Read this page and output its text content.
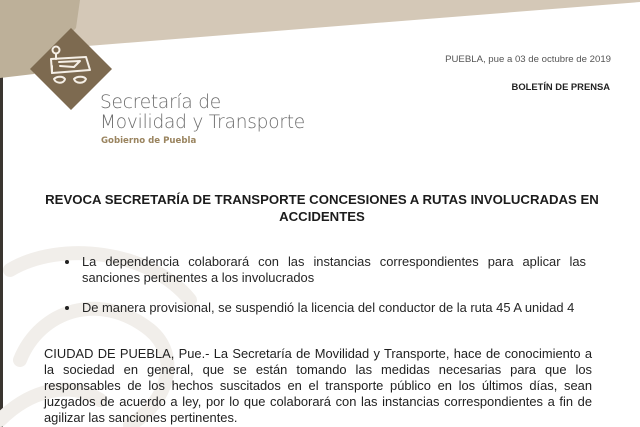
Secretaría de
Movilidad y Transporte
Gobierno de Puebla
PUEBLA, pue a 03 de octubre de 2019
BOLETÍN DE PRENSA
REVOCA SECRETARÍA DE TRANSPORTE CONCESIONES A RUTAS INVOLUCRADAS EN ACCIDENTES
La dependencia colaborará con las instancias correspondientes para aplicar las sanciones pertinentes a los involucrados
De manera provisional, se suspendió la licencia del conductor de la ruta 45 A unidad 4

CIUDAD DE PUEBLA, Pue.- La Secretaría de Movilidad y Transporte, hace de conocimiento a la sociedad en general, que se están tomando las medidas necesarias para que los responsables de los hechos suscitados en el transporte público en los últimos días, sean juzgados de acuerdo a ley, por lo que colaborará con las instancias correspondientes a fin de agilizar las sanciones pertinentes.
